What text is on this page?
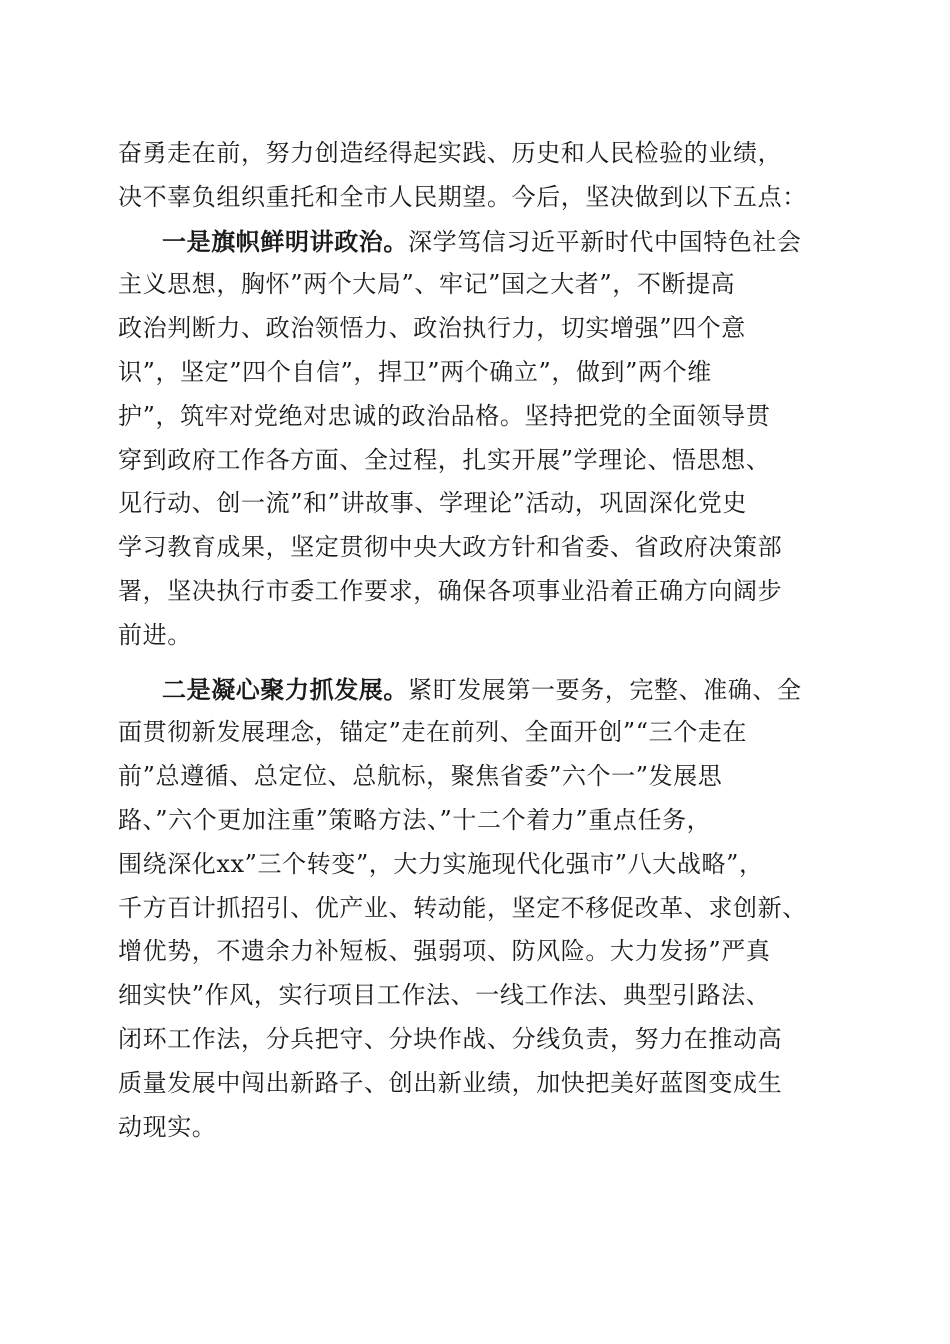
奋勇走在前，努力创造经得起实践、历史和人民检验的业绩，
决不辜负组织重托和全市人民期望。今后，坚决做到以下五点：
一是旗帜鲜明讲政治。深学笃信习近平新时代中国特色社会
主义思想，胸怀”两个大局”、牢记”国之大者”，不断提高
政治判断力、政治领悟力、政治执行力，切实增强”四个意
识”，坚定”四个自信”，捍卫”两个确立”，做到”两个维
护”，筑牢对党绝对忠诚的政治品格。坚持把党的全面领导贯
穿到政府工作各方面、全过程，扎实开展”学理论、悟思想、
见行动、创一流”和”讲故事、学理论”活动，巩固深化党史
学习教育成果，坚定贯彻中央大政方针和省委、省政府决策部
署，坚决执行市委工作要求，确保各项事业沿着正确方向阔步
前进。
二是凝心聚力抓发展。紧盯发展第一要务，完整、准确、全
面贯彻新发展理念，锚定”走在前列、全面开创”“三个走在
前”总遵循、总定位、总航标，聚焦省委”六个一”发展思
路、”六个更加注重”策略方法、”十二个着力”重点任务，
围绕深化xx”三个转变”，大力实施现代化强市”八大战略”，
千方百计抓招引、优产业、转动能，坚定不移促改革、求创新、
增优势，不遗余力补短板、强弱项、防风险。大力发扬”严真
细实快”作风，实行项目工作法、一线工作法、典型引路法、
闭环工作法，分兵把守、分块作战、分线负责，努力在推动高
质量发展中闯出新路子、创出新业绩，加快把美好蓝图变成生
动现实。
